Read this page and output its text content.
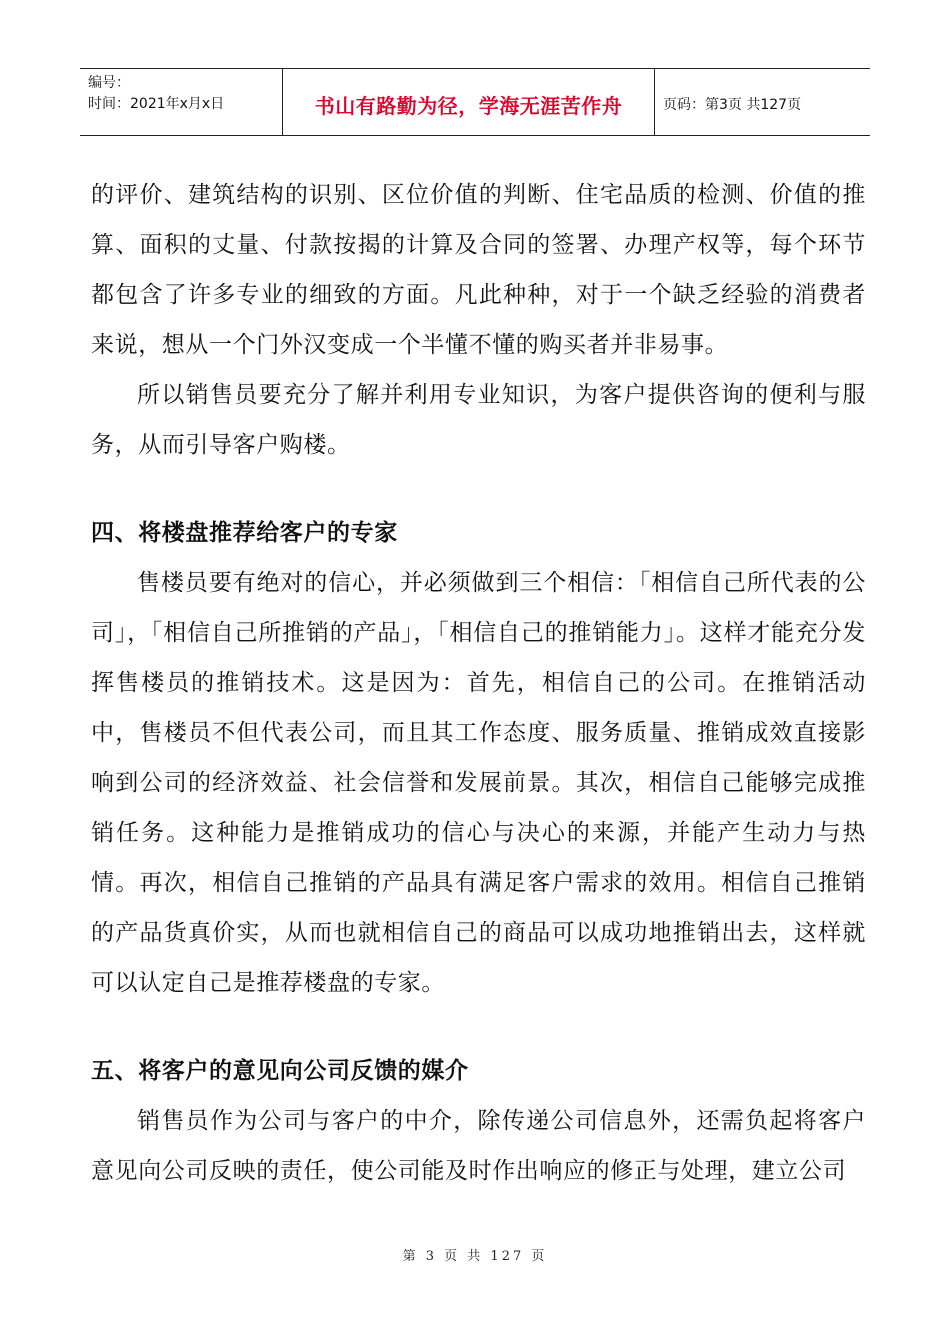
编号：
时间：2021年x月x日	书山有路勤为径，学海无涯苦作舟	页码：第3页 共127页

的评价、建筑结构的识别、区位价值的判断、住宅品质的检测、价值的推算、面积的丈量、付款按揭的计算及合同的签署、办理产权等，每个环节都包含了许多专业的细致的方面。凡此种种，对于一个缺乏经验的消费者来说，想从一个门外汉变成一个半懂不懂的购买者并非易事。

所以销售员要充分了解并利用专业知识，为客户提供咨询的便利与服务，从而引导客户购楼。

四、将楼盘推荐给客户的专家

售楼员要有绝对的信心，并必须做到三个相信：「相信自己所代表的公司」，「相信自己所推销的产品」，「相信自己的推销能力」。这样才能充分发挥售楼员的推销技术。这是因为：首先，相信自己的公司。在推销活动中，售楼员不但代表公司，而且其工作态度、服务质量、推销成效直接影响到公司的经济效益、社会信誉和发展前景。其次，相信自己能够完成推销任务。这种能力是推销成功的信心与决心的来源，并能产生动力与热情。再次，相信自己推销的产品具有满足客户需求的效用。相信自己推销的产品货真价实，从而也就相信自己的商品可以成功地推销出去，这样就可以认定自己是推荐楼盘的专家。

五、将客户的意见向公司反馈的媒介

销售员作为公司与客户的中介，除传递公司信息外，还需负起将客户意见向公司反映的责任，使公司能及时作出响应的修正与处理，建立公司

第 3 页 共 127 页
